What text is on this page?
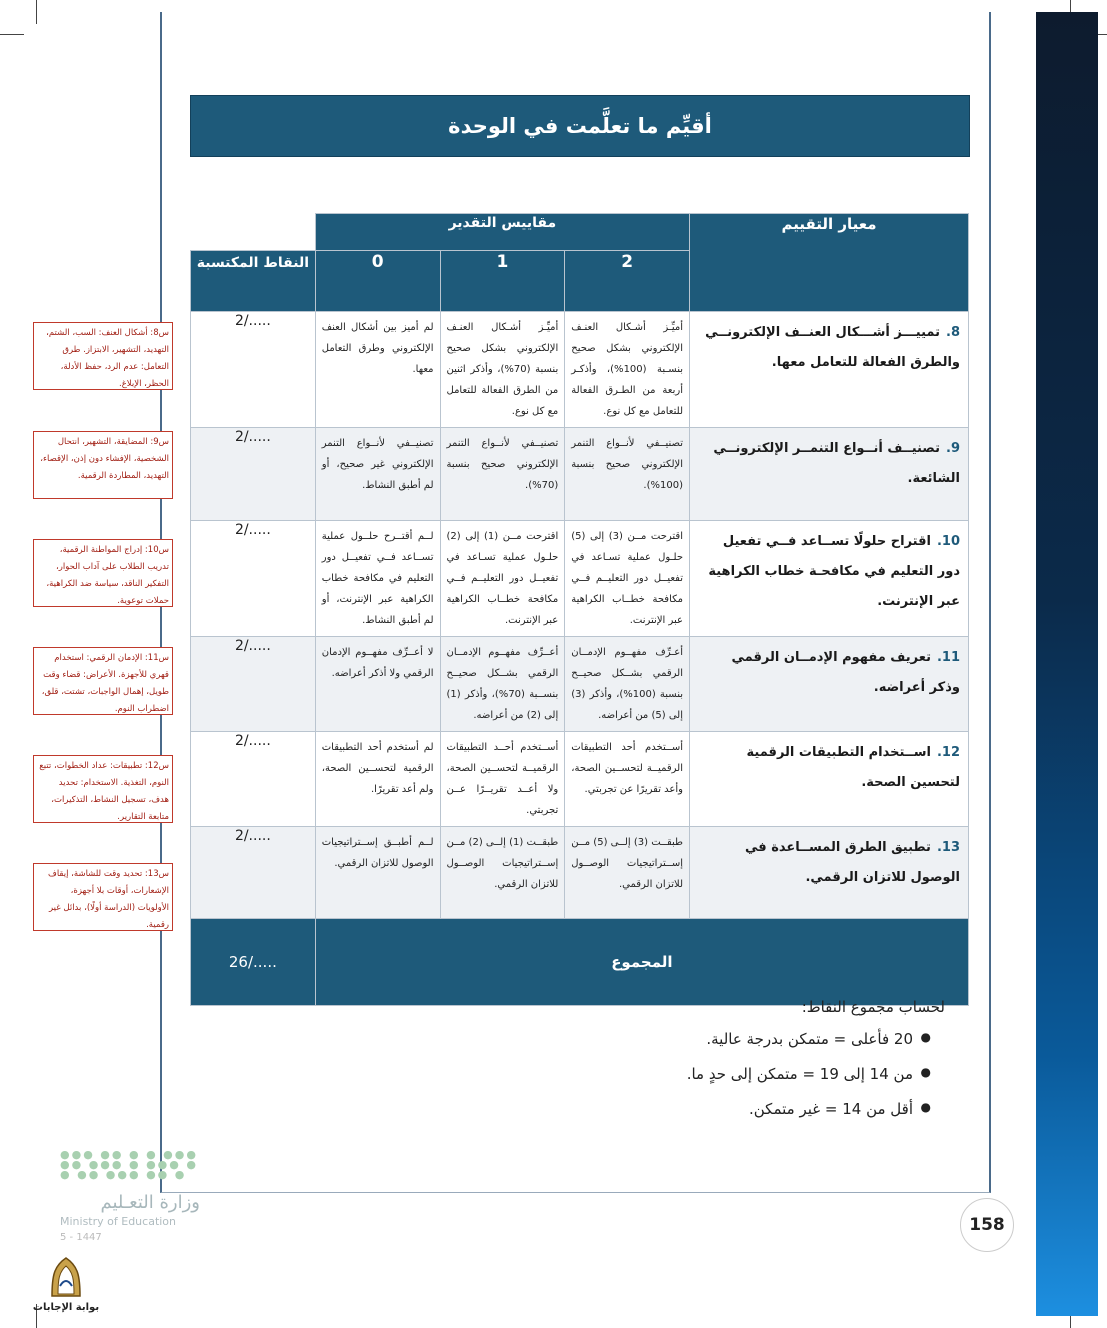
أقيِّم ما تعلَّمت في الوحدة
معيار التقييم	مقاييس التقدير			
	2	1	0	النقاط المكتسبة
8.تمييـــز أشـــكال العنــف الإلكترونــي والطرق الفعالة للتعامل معها.	أميِّـز أشـكال العنـف الإلكتروني بشكل صحيح بنسـبة (100%)، وأذكـر أربعة من الطـرق الفعالة للتعامل مع كل نوع.	أميِّـز أشـكال العنـف الإلكتروني بشكل صحيح بنسبة (70%)، وأذكر اثنين من الطرق الفعالة للتعامل مع كل نوع.	لم أميز بين أشكال العنف الإلكتروني وطرق التعامل معها.	2/.....
9.تصنيــف أنــواع التنمــر الإلكترونــي الشائعة.	تصنيــفي لأنــواع التنمر الإلكتروني صحيح بنسبة (100%).	تصنيــفي لأنــواع التنمر الإلكتروني صحيح بنسبة (70%).	تصنيــفي لأنــواع التنمر الإلكتروني غير صحيح، أو لم أطبق النشاط.	2/.....
10.اقتراح حلولًا تســاعد فــي تفعيل دور التعليم في مكافحـة خطاب الكراهية عبر الإنترنت.	اقترحت مــن (3) إلى (5) حلـول عملية تسـاعد في تفعيــل دور التعليــم فــي مكافحة خطــاب الكراهية عبر الإنترنت.	اقترحت مــن (1) إلى (2) حلـول عملية تسـاعد في تفعيــل دور التعليــم فــي مكافحة خطــاب الكراهية عبر الإنترنت.	لــم أقتــرح حلــول عملية تســاعد فــي تفعيــل دور التعليم في مكافحة خطاب الكراهية عبر الإنترنت، أو لم أطبق النشاط.	2/.....
11.تعريف مفهوم الإدمــان الرقمي وذكر أعراضه.	أعـرِّف مفهــوم الإدمــان الرقمي بشــكل صحيــح بنسبة (100%)، وأذكر (3) إلى (5) من أعراضه.	أعــرِّف مفهــوم الإدمــان الرقمي بشــكل صحيــح بنســبة (70%)، وأذكر (1) إلى (2) من أعراضه.	لا أعــرِّف مفهــوم الإدمان الرقمي ولا أذكر أعراضه.	2/.....
12.اســتخدام التطبيقات الرقمية لتحسين الصحة.	أســتخدم أحد التطبيقات الرقميــة لتحســين الصحة، وأعد تقريرًا عن تجربتي.	أســتخدم أحــد التطبيقات الرقميــة لتحســين الصحة، ولا أعــد تقريــرًا عــن تجربتي.	لم أستخدم أحد التطبيقات الرقمية لتحســين الصحة، ولم أعد تقريرًا.	2/.....
13.تطبيق الطرق المســاعدة في الوصول للاتزان الرقمي.	طبقــت (3) إلــى (5) مــن إســتراتيجيات الوصــول للاتزان الرقمي.	طبقــت (1) إلــى (2) مــن إســتراتيجيات الوصــول للاتزان الرقمي.	لــم أطبــق إســتراتيجيات الوصول للاتزان الرقمي.	2/.....
المجموع				26/.....
لحساب مجموع النقاط:
● 20 فأعلى = متمكن بدرجة عالية.
● من 14 إلى 19 = متمكن إلى حدٍ ما.
● أقل من 14 = غير متمكن.
س8: أشكال العنف: السب، الشتم، التهديد، التشهير، الابتزاز. طرق التعامل: عدم الرد، حفظ الأدلة، الحظر، الإبلاغ.
س9: المضايقة، التشهير، انتحال الشخصية، الإفشاء دون إذن، الإقصاء، التهديد، المطاردة الرقمية.
س10: إدراج المواطنة الرقمية، تدريب الطلاب على آداب الحوار، التفكير الناقد، سياسة ضد الكراهية، حملات توعوية.
س11: الإدمان الرقمي: استخدام قهري للأجهزة. الأعراض: قضاء وقت طويل، إهمال الواجبات، تشتت، قلق، اضطراب النوم.
س12: تطبيقات: عداد الخطوات، تتبع النوم، التغذية. الاستخدام: تحديد هدف، تسجيل النشاط، التذكيرات، متابعة التقارير.
س13: تحديد وقت للشاشة، إيقاف الإشعارات، أوقات بلا أجهزة، الأولويات (الدراسة أولًا)، بدائل غير رقمية.
158
●●● ●● ● ● ●●●
●● ●●● ● ●●● ●
● ●● ●●● ●● ●
وزارة التعـليم
Ministry of Education
5 - 1447
بوابة الإجابات
